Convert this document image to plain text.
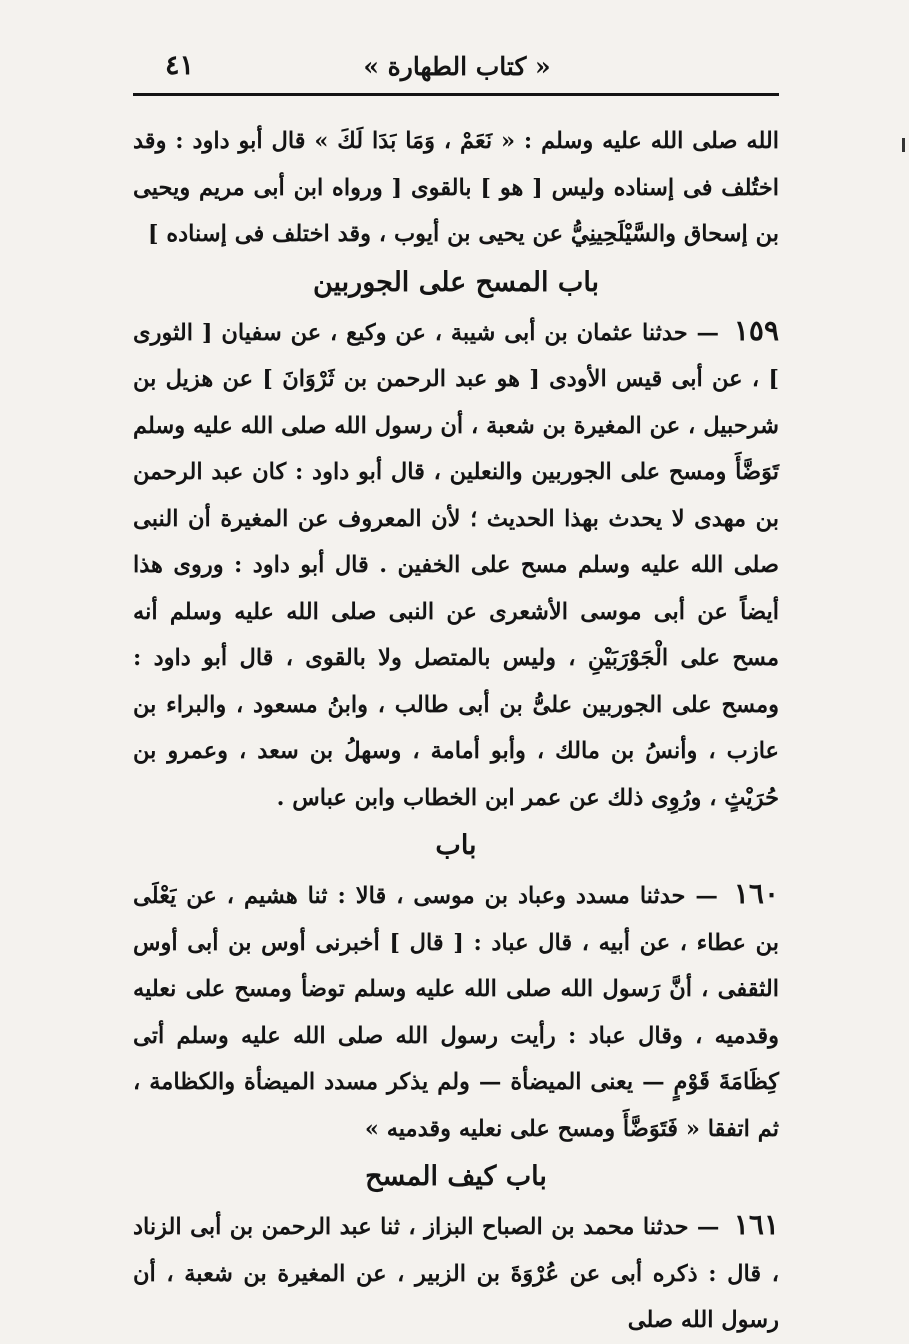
« كتاب الطهارة »
٤١

الله صلى الله عليه وسلم : « نَعَمْ ، وَمَا بَدَا لَكَ » قال أبو داود : وقد اختُلف فى إسناده وليس [ هو ] بالقوى [ ورواه ابن أبى مريم ويحيى بن إسحاق والسَّيْلَحِينِيُّ عن يحيى بن أيوب ، وقد اختلف فى إسناده ]

باب المسح على الجوربين

١٥٩ — حدثنا عثمان بن أبى شيبة ، عن وكيع ، عن سفيان [ الثورى ] ، عن أبى قيس الأودى [ هو عبد الرحمن بن ثَرْوَانَ ] عن هزيل بن شرحبيل ، عن المغيرة بن شعبة ، أن رسول الله صلى الله عليه وسلم تَوَضَّأَ ومسح على الجوربين والنعلين ، قال أبو داود : كان عبد الرحمن بن مهدى لا يحدث بهذا الحديث ؛ لأن المعروف عن المغيرة أن النبى صلى الله عليه وسلم مسح على الخفين . قال أبو داود : وروى هذا أيضاً عن أبى موسى الأشعرى عن النبى صلى الله عليه وسلم أنه مسح على الْجَوْرَبَيْنِ ، وليس بالمتصل ولا بالقوى ، قال أبو داود : ومسح على الجوربين علىُّ بن أبى طالب ، وابنُ مسعود ، والبراء بن عازب ، وأنسُ بن مالك ، وأبو أمامة ، وسهلُ بن سعد ، وعمرو بن حُرَيْثٍ ، ورُوِى ذلك عن عمر ابن الخطاب وابن عباس .

باب

١٦٠ — حدثنا مسدد وعباد بن موسى ، قالا : ثنا هشيم ، عن يَعْلَى بن عطاء ، عن أبيه ، قال عباد : [ قال ] أخبرنى أوس بن أبى أوس الثقفى ، أنَّ رَسول الله صلى الله عليه وسلم توضأ ومسح على نعليه وقدميه ، وقال عباد : رأيت رسول الله صلى الله عليه وسلم أتى كِظَامَةَ قَوْمٍ — يعنى الميضأة — ولم يذكر مسدد الميضأة والكظامة ، ثم اتفقا « فَتَوَضَّأَ ومسح على نعليه وقدميه »

باب كيف المسح

١٦١ — حدثنا محمد بن الصباح البزاز ، ثنا عبد الرحمن بن أبى الزناد ، قال : ذكره أبى عن عُرْوَةَ بن الزبير ، عن المغيرة بن شعبة ، أن رسول الله صلى
